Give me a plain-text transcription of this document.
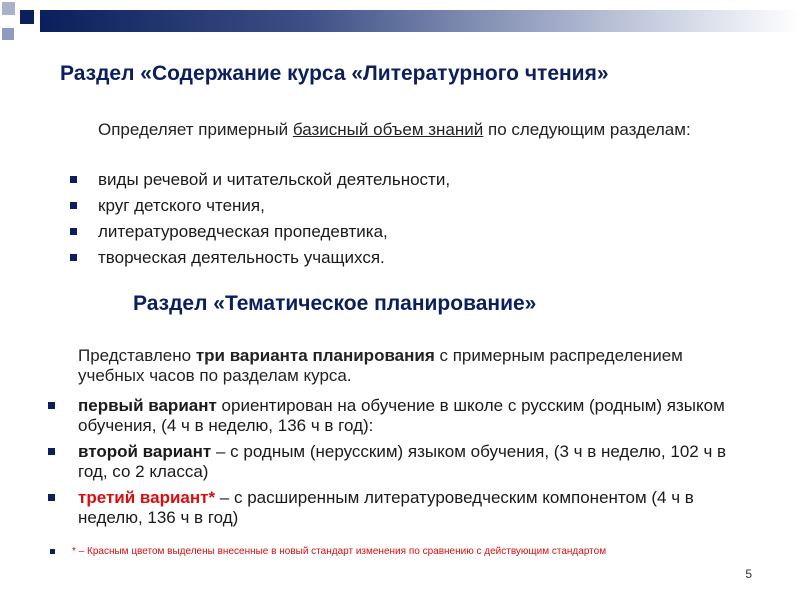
Раздел «Содержание курса «Литературного чтения»
Определяет примерный базисный объем знаний по следующим разделам:
виды речевой и читательской деятельности,
круг детского чтения,
литературоведческая пропедевтика,
творческая деятельность учащихся.
Раздел «Тематическое планирование»
Представлено три варианта планирования с примерным распределением учебных часов по разделам курса.
первый вариант ориентирован на обучение в школе с русским (родным) языком обучения, (4 ч в неделю, 136 ч в год):
второй вариант – с родным (нерусским) языком обучения, (3 ч в неделю, 102 ч в год, со 2 класса)
третий вариант* – с расширенным литературоведческим компонентом (4 ч в неделю, 136 ч в год)
* – Красным цветом выделены внесенные в новый стандарт изменения по сравнению с действующим стандартом
5
